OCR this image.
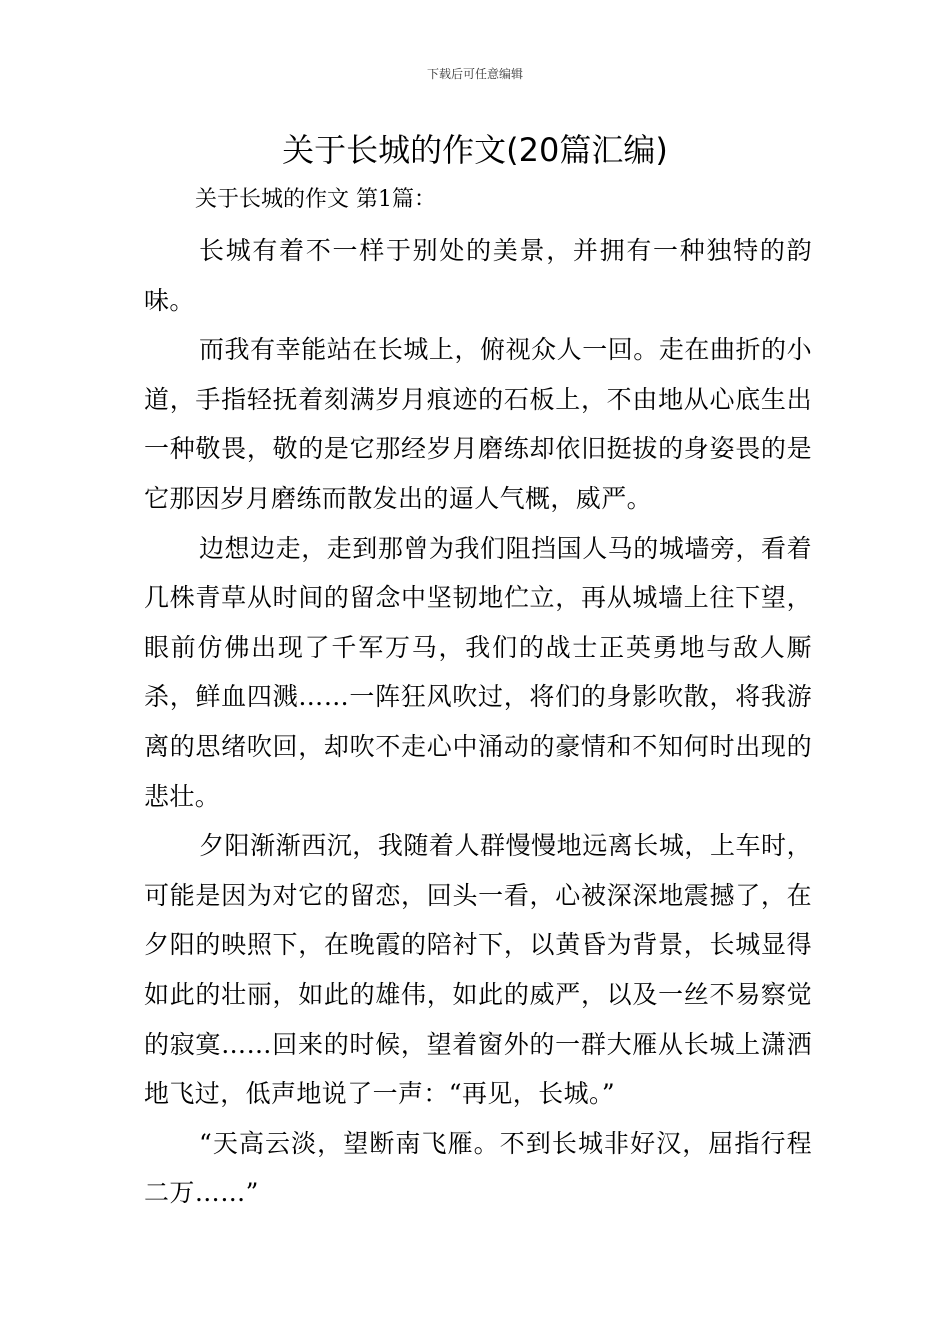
下载后可任意编辑
关于长城的作文(20篇汇编)
关于长城的作文 第1篇：

长城有着不一样于别处的美景，并拥有一种独特的韵味。

而我有幸能站在长城上，俯视众人一回。走在曲折的小道，手指轻抚着刻满岁月痕迹的石板上，不由地从心底生出一种敬畏，敬的是它那经岁月磨练却依旧挺拔的身姿畏的是它那因岁月磨练而散发出的逼人气概，威严。

边想边走，走到那曾为我们阻挡国人马的城墙旁，看着几株青草从时间的留念中坚韧地伫立，再从城墙上往下望，眼前仿佛出现了千军万马，我们的战士正英勇地与敌人厮杀，鲜血四溅……一阵狂风吹过，将们的身影吹散，将我游离的思绪吹回，却吹不走心中涌动的豪情和不知何时出现的悲壮。

夕阳渐渐西沉，我随着人群慢慢地远离长城，上车时，可能是因为对它的留恋，回头一看，心被深深地震撼了，在夕阳的映照下，在晚霞的陪衬下，以黄昏为背景，长城显得如此的壮丽，如此的雄伟，如此的威严，以及一丝不易察觉的寂寞……回来的时候，望着窗外的一群大雁从长城上潇洒地飞过，低声地说了一声：“再见，长城。”

“天高云淡，望断南飞雁。不到长城非好汉，屈指行程二万……”
